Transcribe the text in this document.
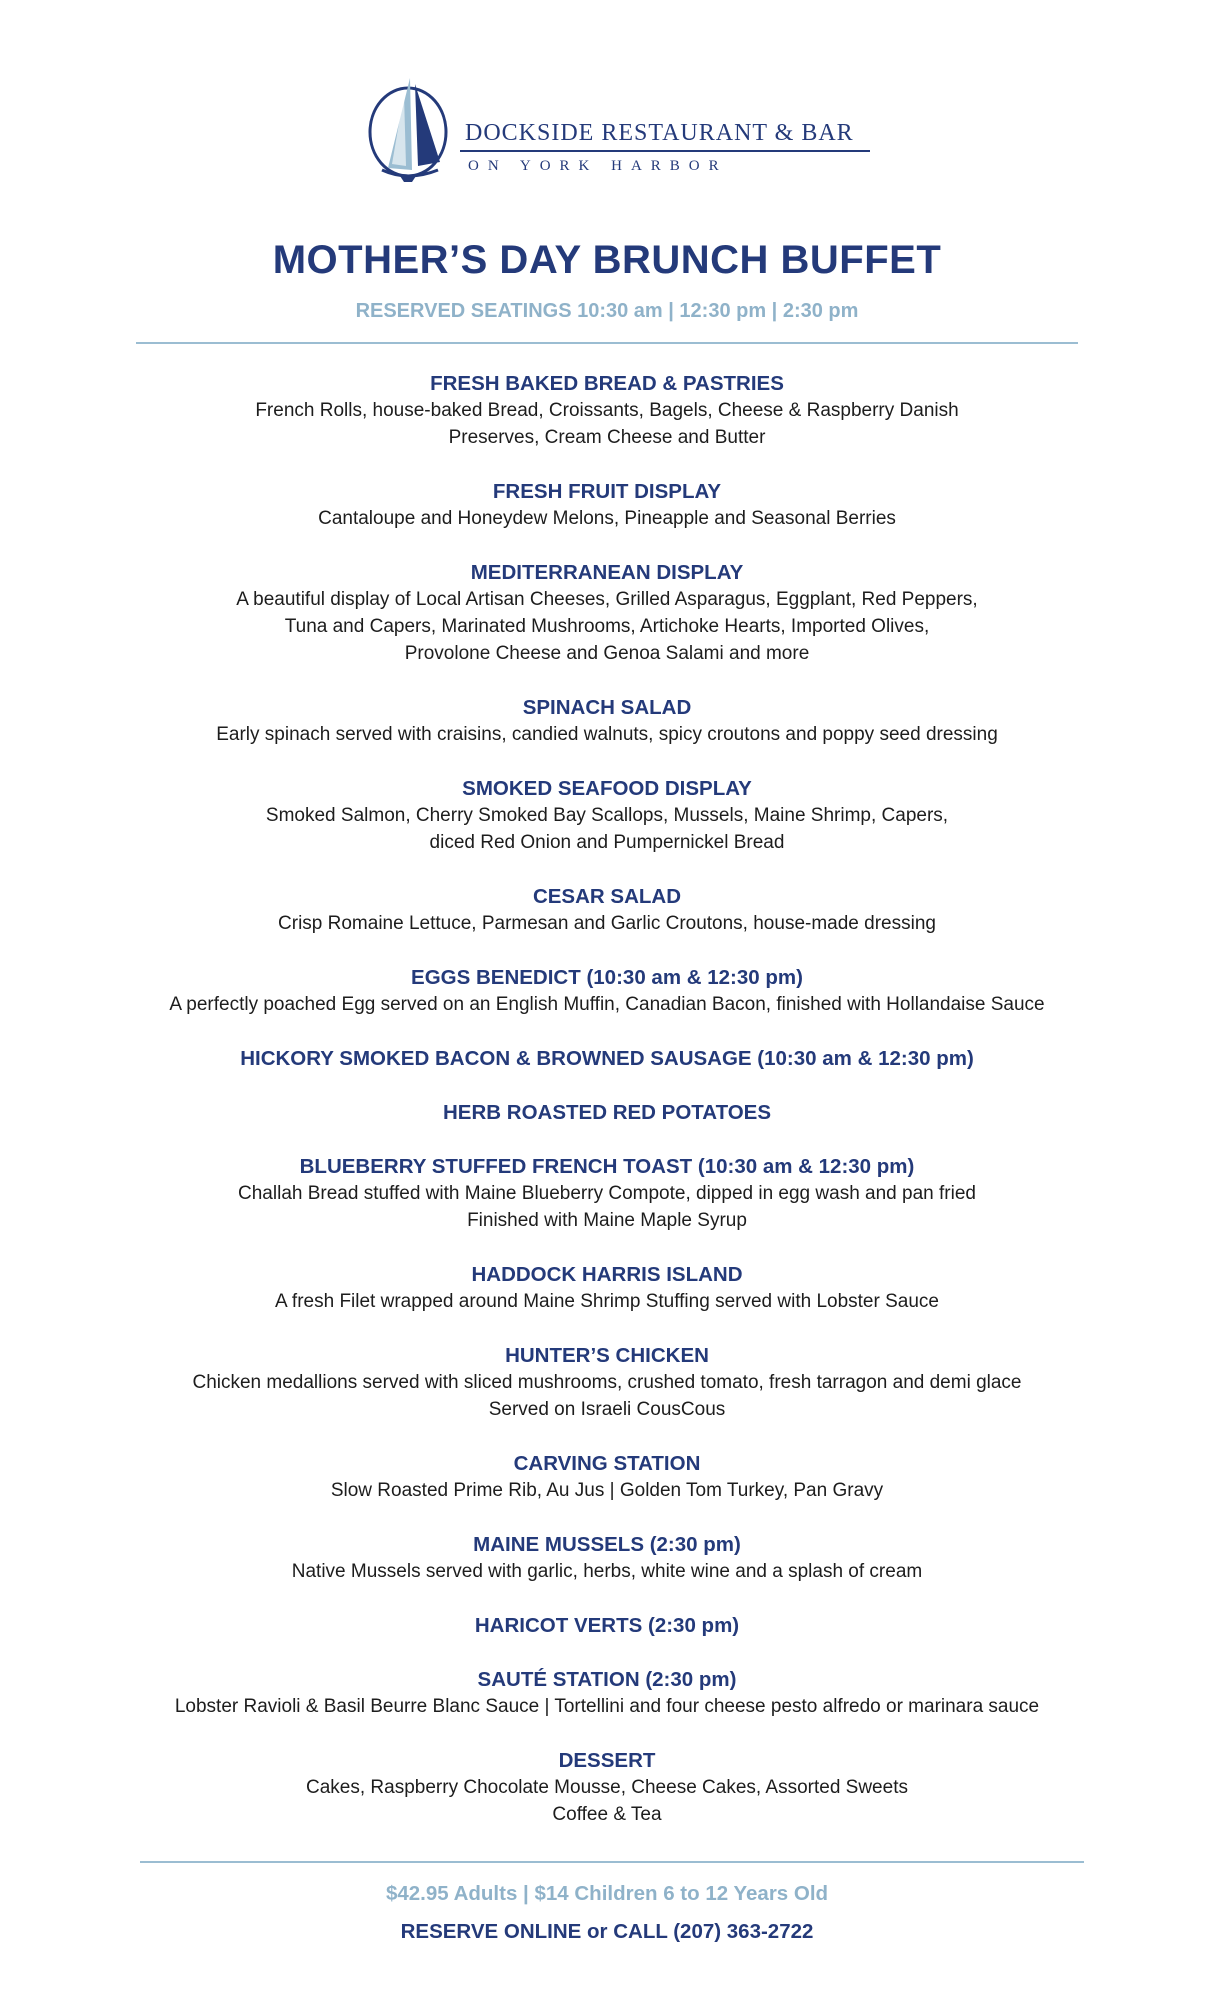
DOCKSIDE RESTAURANT & BAR
ON YORK HARBOR
MOTHER’S DAY BRUNCH BUFFET
RESERVED SEATINGS 10:30 am | 12:30 pm | 2:30 pm
FRESH BAKED BREAD & PASTRIES
French Rolls, house-baked Bread, Croissants, Bagels, Cheese & Raspberry Danish
Preserves, Cream Cheese and Butter
FRESH FRUIT DISPLAY
Cantaloupe and Honeydew Melons, Pineapple and Seasonal Berries
MEDITERRANEAN DISPLAY
A beautiful display of Local Artisan Cheeses, Grilled Asparagus, Eggplant, Red Peppers,
Tuna and Capers, Marinated Mushrooms, Artichoke Hearts, Imported Olives,
Provolone Cheese and Genoa Salami and more
SPINACH SALAD
Early spinach served with craisins, candied walnuts, spicy croutons and poppy seed dressing
SMOKED SEAFOOD DISPLAY
Smoked Salmon, Cherry Smoked Bay Scallops, Mussels, Maine Shrimp, Capers,
diced Red Onion and Pumpernickel Bread
CESAR SALAD
Crisp Romaine Lettuce, Parmesan and Garlic Croutons, house-made dressing
EGGS BENEDICT (10:30 am & 12:30 pm)
A perfectly poached Egg served on an English Muffin, Canadian Bacon, finished with Hollandaise Sauce
HICKORY SMOKED BACON & BROWNED SAUSAGE (10:30 am & 12:30 pm)
HERB ROASTED RED POTATOES
BLUEBERRY STUFFED FRENCH TOAST (10:30 am & 12:30 pm)
Challah Bread stuffed with Maine Blueberry Compote, dipped in egg wash and pan fried
Finished with Maine Maple Syrup
HADDOCK HARRIS ISLAND
A fresh Filet wrapped around Maine Shrimp Stuffing served with Lobster Sauce
HUNTER’S CHICKEN
Chicken medallions served with sliced mushrooms, crushed tomato, fresh tarragon and demi glace
Served on Israeli CousCous
CARVING STATION
Slow Roasted Prime Rib, Au Jus | Golden Tom Turkey, Pan Gravy
MAINE MUSSELS (2:30 pm)
Native Mussels served with garlic, herbs, white wine and a splash of cream
HARICOT VERTS (2:30 pm)
SAUTÉ STATION (2:30 pm)
Lobster Ravioli & Basil Beurre Blanc Sauce | Tortellini and four cheese pesto alfredo or marinara sauce
DESSERT
Cakes, Raspberry Chocolate Mousse, Cheese Cakes, Assorted Sweets
Coffee & Tea
$42.95 Adults | $14 Children 6 to 12 Years Old
RESERVE ONLINE or CALL (207) 363-2722
